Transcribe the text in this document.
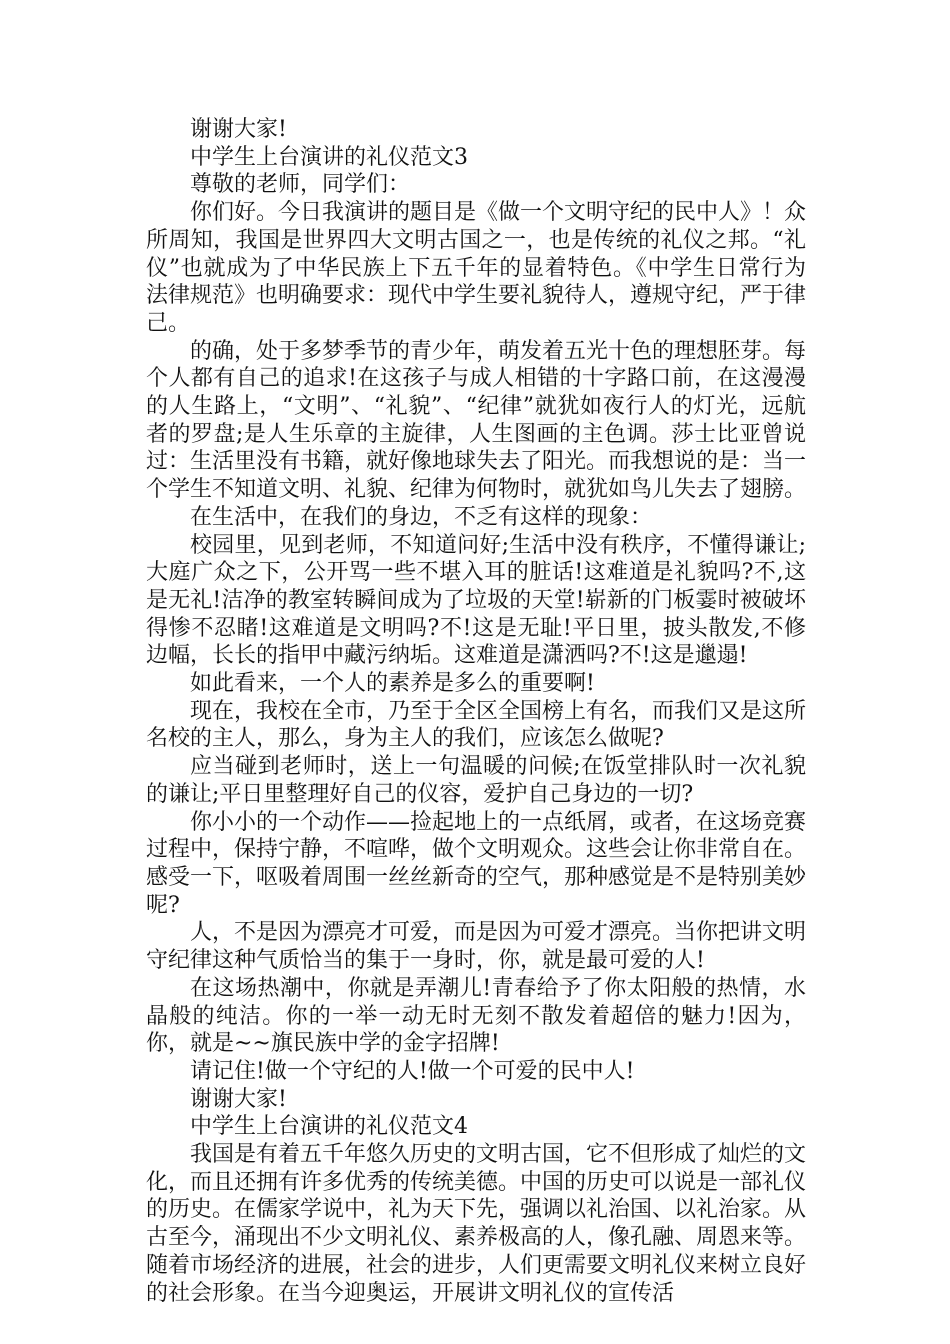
谢谢大家!

中学生上台演讲的礼仪范文3

尊敬的老师，同学们：

你们好。今日我演讲的题目是《做一个文明守纪的民中人》！众所周知，我国是世界四大文明古国之一，也是传统的礼仪之邦。“礼仪”也就成为了中华民族上下五千年的显着特色。《中学生日常行为法律规范》也明确要求：现代中学生要礼貌待人，遵规守纪，严于律己。

的确，处于多梦季节的青少年，萌发着五光十色的理想胚芽。每个人都有自己的追求!在这孩子与成人相错的十字路口前，在这漫漫的人生路上，“文明”、“礼貌”、“纪律”就犹如夜行人的灯光，远航者的罗盘;是人生乐章的主旋律，人生图画的主色调。莎士比亚曾说过：生活里没有书籍，就好像地球失去了阳光。而我想说的是：当一个学生不知道文明、礼貌、纪律为何物时，就犹如鸟儿失去了翅膀。

在生活中，在我们的身边，不乏有这样的现象：

校园里，见到老师，不知道问好;生活中没有秩序，不懂得谦让;大庭广众之下，公开骂一些不堪入耳的脏话!这难道是礼貌吗?不,这是无礼!洁净的教室转瞬间成为了垃圾的天堂!崭新的门板霎时被破坏得惨不忍睹!这难道是文明吗?不!这是无耻!平日里，披头散发,不修边幅，长长的指甲中藏污纳垢。这难道是潇洒吗?不!这是邋遢!

如此看来，一个人的素养是多么的重要啊!

现在，我校在全市，乃至于全区全国榜上有名，而我们又是这所名校的主人，那么，身为主人的我们，应该怎么做呢?

应当碰到老师时，送上一句温暖的问候;在饭堂排队时一次礼貌的谦让;平日里整理好自己的仪容，爱护自己身边的一切?

你小小的一个动作——捡起地上的一点纸屑，或者，在这场竞赛过程中，保持宁静，不喧哗，做个文明观众。这些会让你非常自在。感受一下，呕吸着周围一丝丝新奇的空气，那种感觉是不是特别美妙呢?

人，不是因为漂亮才可爱，而是因为可爱才漂亮。当你把讲文明守纪律这种气质恰当的集于一身时，你，就是最可爱的人!

在这场热潮中，你就是弄潮儿!青春给予了你太阳般的热情，水晶般的纯洁。你的一举一动无时无刻不散发着超倍的魅力!因为，你，就是~~旗民族中学的金字招牌!

请记住!做一个守纪的人!做一个可爱的民中人!

谢谢大家!

中学生上台演讲的礼仪范文4

我国是有着五千年悠久历史的文明古国，它不但形成了灿烂的文化，而且还拥有许多优秀的传统美德。中国的历史可以说是一部礼仪的历史。在儒家学说中，礼为天下先，强调以礼治国、以礼治家。从古至今，涌现出不少文明礼仪、素养极高的人，像孔融、周恩来等。随着市场经济的进展，社会的进步，人们更需要文明礼仪来树立良好的社会形象。在当今迎奥运，开展讲文明礼仪的宣传活
